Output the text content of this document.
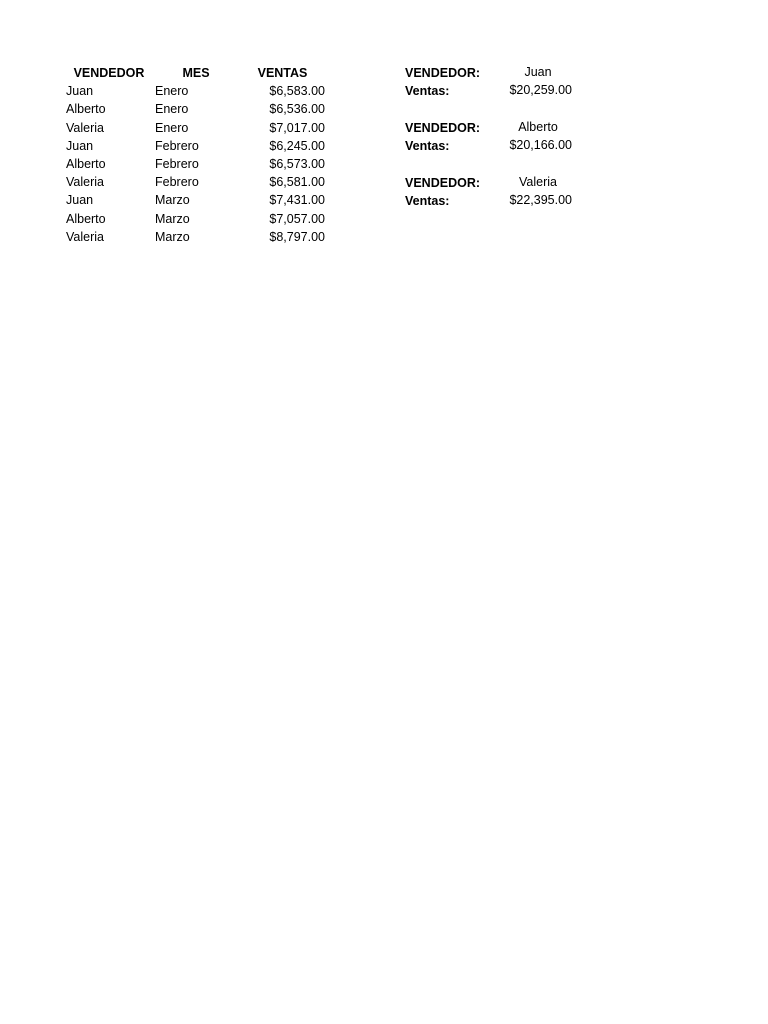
VENDEDOR	MES	VENTAS
Juan	Enero	$6,583.00
Alberto	Enero	$6,536.00
Valeria	Enero	$7,017.00
Juan	Febrero	$6,245.00
Alberto	Febrero	$6,573.00
Valeria	Febrero	$6,581.00
Juan	Marzo	$7,431.00
Alberto	Marzo	$7,057.00
Valeria	Marzo	$8,797.00
VENDEDOR:	Juan
Ventas:	$20,259.00
VENDEDOR:	Alberto
Ventas:	$20,166.00
VENDEDOR:	Valeria
Ventas:	$22,395.00
